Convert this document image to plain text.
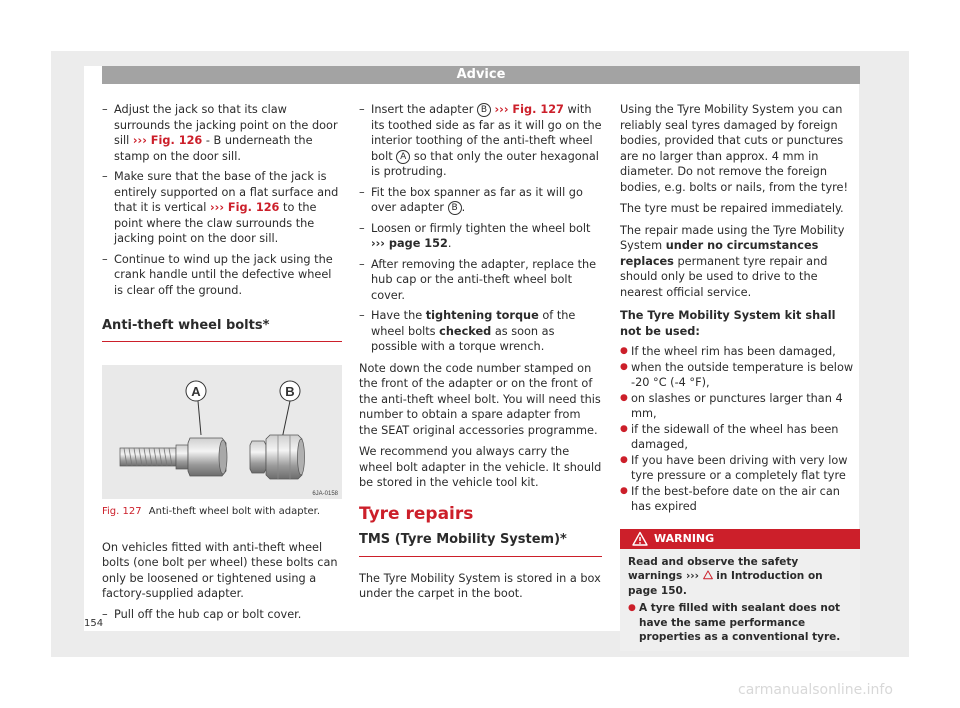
Advice
– Adjust the jack so that its claw surrounds the jacking point on the door sill ››› Fig. 126 - B underneath the stamp on the door sill.
– Make sure that the base of the jack is entirely supported on a flat surface and that it is vertical ››› Fig. 126 to the point where the claw surrounds the jacking point on the door sill.
– Continue to wind up the jack using the crank handle until the defective wheel is clear off the ground.
Anti-theft wheel bolts*
A	B
6JA-0158
Fig. 127 Anti-theft wheel bolt with adapter.
On vehicles fitted with anti-theft wheel bolts (one bolt per wheel) these bolts can only be loosened or tightened using a factory-supplied adapter.
– Pull off the hub cap or bolt cover.
– Insert the adapter B ››› Fig. 127 with its toothed side as far as it will go on the interior toothing of the anti-theft wheel bolt A so that only the outer hexagonal is protruding.
– Fit the box spanner as far as it will go over adapter B .
– Loosen or firmly tighten the wheel bolt ››› page 152.
– After removing the adapter, replace the hub cap or the anti-theft wheel bolt cover.
– Have the tightening torque of the wheel bolts checked as soon as possible with a torque wrench.
Note down the code number stamped on the front of the adapter or on the front of the anti-theft wheel bolt. You will need this number to obtain a spare adapter from the SEAT original accessories programme.
We recommend you always carry the wheel bolt adapter in the vehicle. It should be stored in the vehicle tool kit.
Tyre repairs
TMS (Tyre Mobility System)*
The Tyre Mobility System is stored in a box under the carpet in the boot.
Using the Tyre Mobility System you can reliably seal tyres damaged by foreign bodies, provided that cuts or punctures are no larger than approx. 4 mm in diameter. Do not remove the foreign bodies, e.g. bolts or nails, from the tyre!
The tyre must be repaired immediately.
The repair made using the Tyre Mobility System under no circumstances replaces permanent tyre repair and should only be used to drive to the nearest official service.
The Tyre Mobility System kit shall not be used:
● If the wheel rim has been damaged,
● when the outside temperature is below -20 °C (-4 °F),
● on slashes or punctures larger than 4 mm,
● if the sidewall of the wheel has been damaged,
● If you have been driving with very low tyre pressure or a completely flat tyre
● If the best-before date on the air can has expired
WARNING
Read and observe the safety warnings ››› in Introduction on page 150.
● A tyre filled with sealant does not have the same performance properties as a conventional tyre.
154
carmanualsonline.info
